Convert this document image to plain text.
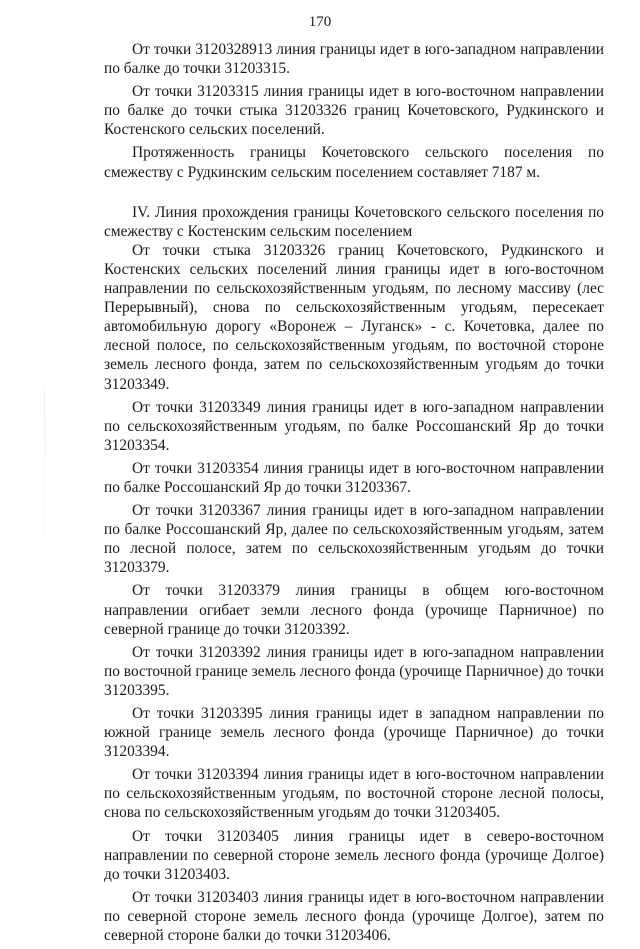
170

От точки 3120328913 линия границы идет в юго-западном направлении по балке до точки 31203315.

От точки 31203315 линия границы идет в юго-восточном направлении по балке до точки стыка 31203326 границ Кочетовского, Рудкинского и Костенского сельских поселений.

Протяженность границы Кочетовского сельского поселения по смежеству с Рудкинским сельским поселением составляет 7187 м.

IV. Линия прохождения границы Кочетовского сельского поселения по смежеству с Костенским сельским поселением

От точки стыка 31203326 границ Кочетовского, Рудкинского и Костенских сельских поселений линия границы идет в юго-восточном направлении по сельскохозяйственным угодьям, по лесному массиву (лес Перерывный), снова по сельскохозяйственным угодьям, пересекает автомобильную дорогу «Воронеж – Луганск» - с. Кочетовка, далее по лесной полосе, по сельскохозяйственным угодьям, по восточной стороне земель лесного фонда, затем по сельскохозяйственным угодьям до точки 31203349.

От точки 31203349 линия границы идет в юго-западном направлении по сельскохозяйственным угодьям, по балке Россошанский Яр до точки 31203354.

От точки 31203354 линия границы идет в юго-восточном направлении по балке Россошанский Яр до точки 31203367.

От точки 31203367 линия границы идет в юго-западном направлении по балке Россошанский Яр, далее по сельскохозяйственным угодьям, затем по лесной полосе, затем по сельскохозяйственным угодьям до точки 31203379.

От точки 31203379 линия границы в общем юго-восточном направлении огибает земли лесного фонда (урочище Парничное) по северной границе до точки 31203392.

От точки 31203392 линия границы идет в юго-западном направлении по восточной границе земель лесного фонда (урочище Парничное) до точки 31203395.

От точки 31203395 линия границы идет в западном направлении по южной границе земель лесного фонда (урочище Парничное) до точки 31203394.

От точки 31203394 линия границы идет в юго-восточном направлении по сельскохозяйственным угодьям, по восточной стороне лесной полосы, снова по сельскохозяйственным угодьям до точки 31203405.

От точки 31203405 линия границы идет в северо-восточном направлении по северной стороне земель лесного фонда (урочище Долгое) до точки 31203403.

От точки 31203403 линия границы идет в юго-восточном направлении по северной стороне земель лесного фонда (урочище Долгое), затем по северной стороне балки до точки 31203406.
